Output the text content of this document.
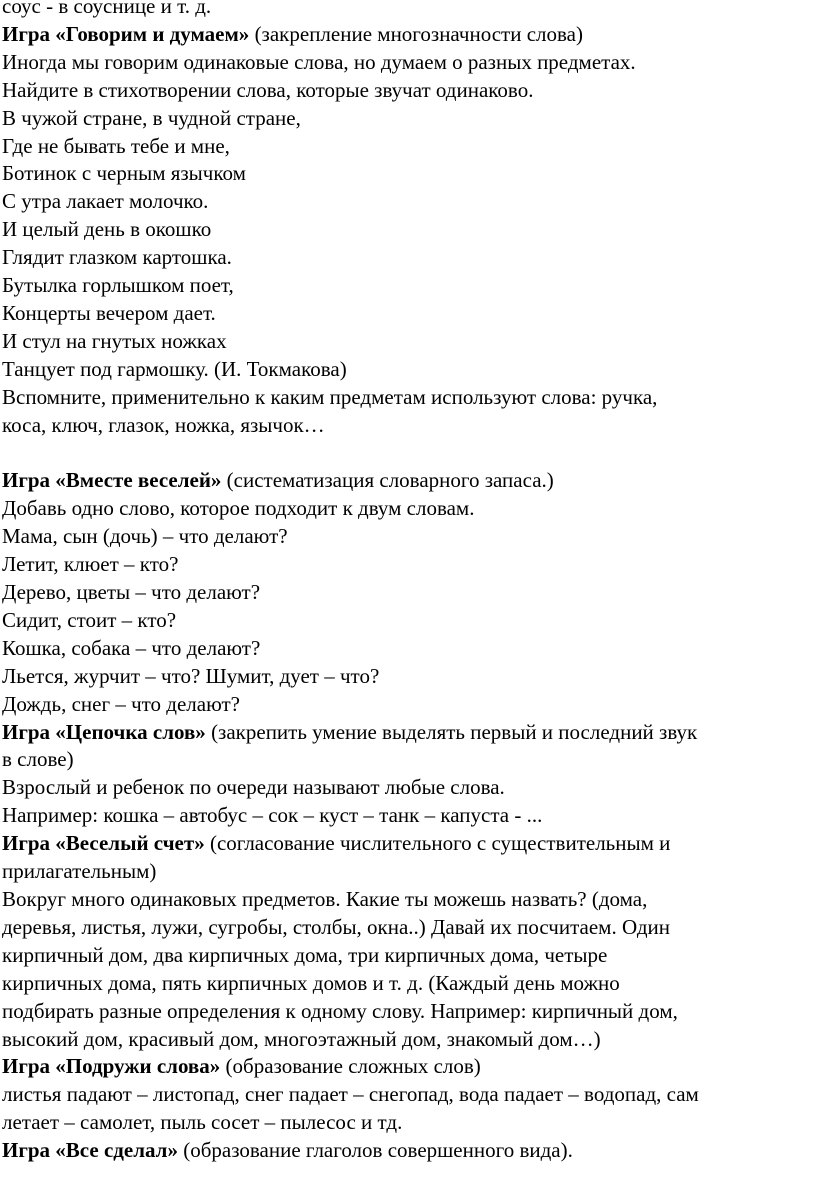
соус - в соуснице и т. д.
Игра «Говорим и думаем» (закрепление многозначности слова)
Иногда мы говорим одинаковые слова, но думаем о разных предметах.
Найдите в стихотворении слова, которые звучат одинаково.
В чужой стране, в чудной стране,
Где не бывать тебе и мне,
Ботинок с черным язычком
С утра лакает молочко.
И целый день в окошко
Глядит глазком картошка.
Бутылка горлышком поет,
Концерты вечером дает.
И стул на гнутых ножках
Танцует под гармошку. (И. Токмакова)
Вспомните, применительно к каким предметам используют слова: ручка,
коса, ключ, глазок, ножка, язычок…
Игра «Вместе веселей» (систематизация словарного запаса.)
Добавь одно слово, которое подходит к двум словам.
Мама, сын (дочь) – что делают?
Летит, клюет – кто?
Дерево, цветы – что делают?
Сидит, стоит – кто?
Кошка, собака – что делают?
Льется, журчит – что? Шумит, дует – что?
Дождь, снег – что делают?
Игра «Цепочка слов» (закрепить умение выделять первый и последний звук
в слове)
Взрослый и ребенок по очереди называют любые слова.
Например: кошка – автобус – сок – куст – танк – капуста - ...
Игра «Веселый счет» (согласование числительного с существительным и
прилагательным)
Вокруг много одинаковых предметов. Какие ты можешь назвать? (дома,
деревья, листья, лужи, сугробы, столбы, окна..) Давай их посчитаем. Один
кирпичный дом, два кирпичных дома, три кирпичных дома, четыре
кирпичных дома, пять кирпичных домов и т. д. (Каждый день можно
подбирать разные определения к одному слову. Например: кирпичный дом,
высокий дом, красивый дом, многоэтажный дом, знакомый дом…)
Игра «Подружи слова» (образование сложных слов)
листья падают – листопад, снег падает – снегопад, вода падает – водопад, сам
летает – самолет, пыль сосет – пылесос и тд.
Игра «Все сделал» (образование глаголов совершенного вида).
